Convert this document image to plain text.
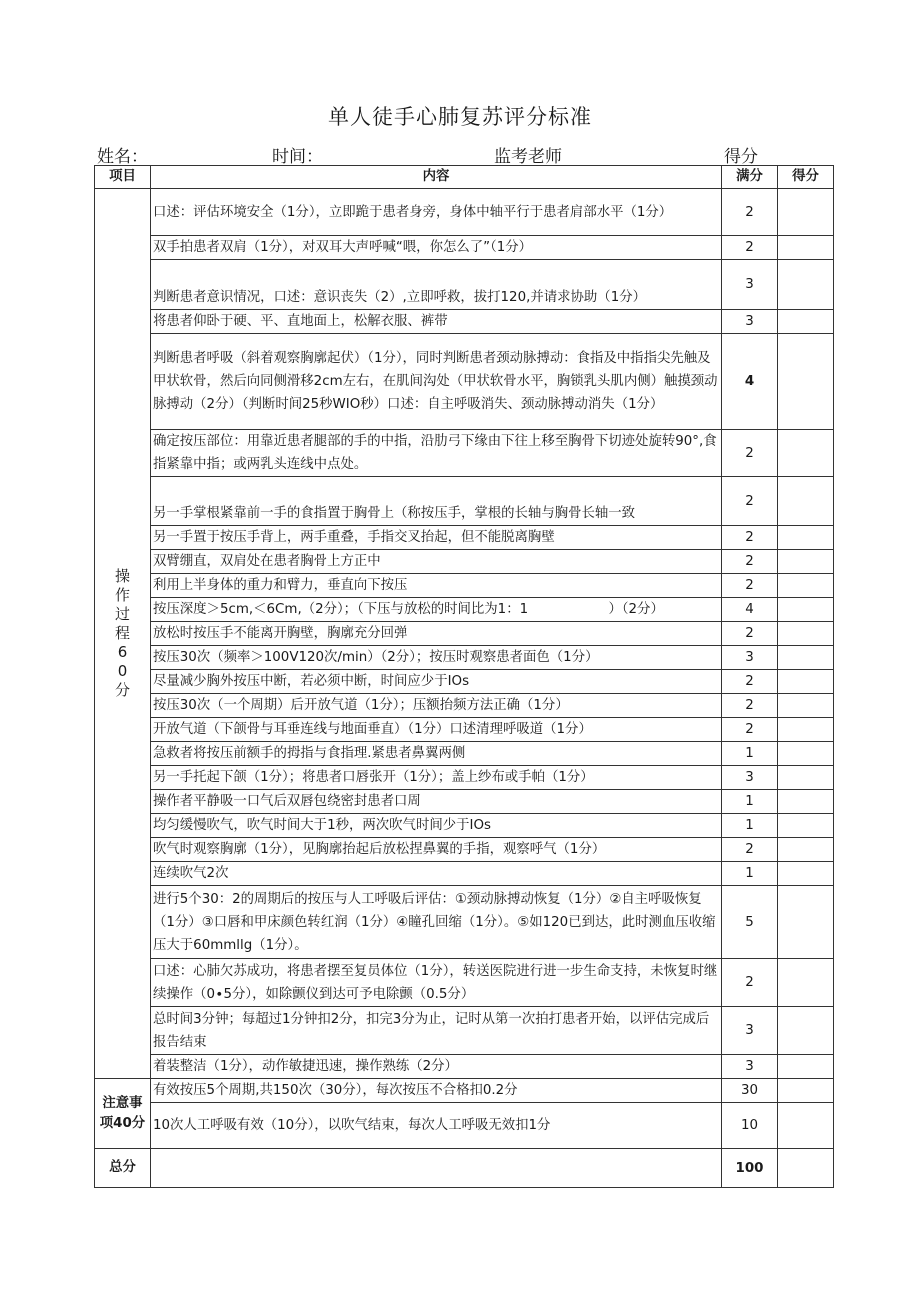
单人徒手心肺复苏评分标准
姓名：	时间：	监考老师	得分
项目	内容	满分	得分
操作过程60分	口述：评估环境安全（1分），立即跪于患者身旁，身体中轴平行于患者肩部水平（1分）	2	
	双手拍患者双肩（1分），对双耳大声呼喊“喂，你怎么了”（1分）	2	
	判断患者意识情况，口述：意识丧失（2）,立即呼救，拔打120,并请求协助（1分）	3	
	将患者仰卧于硬、平、直地面上，松解衣服、裤带	3	
	判断患者呼吸（斜着观察胸廓起伏）（1分），同时判断患者颈动脉搏动：食指及中指指尖先触及甲状软骨，然后向同侧滑移2cm左右，在肌间沟处（甲状软骨水平，胸锁乳头肌内侧）触摸颈动脉搏动（2分）（判断时间25秒WIO秒）口述：自主呼吸消失、颈动脉搏动消失（1分）	4	
	确定按压部位：用靠近患者腿部的手的中指，沿肋弓下缘由下往上移至胸骨下切迹处旋转90°,食指紧靠中指；或两乳头连线中点处。	2	
	另一手掌根紧靠前一手的食指置于胸骨上（称按压手，掌根的长轴与胸骨长轴一致	2	
	另一手置于按压手背上，两手重叠，手指交叉抬起，但不能脱离胸壁	2	
	双臂绷直，双肩处在患者胸骨上方正中	2	
	利用上半身体的重力和臂力，垂直向下按压	2	
	按压深度＞5cm,＜6Cm,（2分）；（下压与放松的时间比为1：1　　　　　　）（2分）	4	
	放松时按压手不能离开胸壁，胸廓充分回弹	2	
	按压30次（频率＞100V120次/min）（2分）；按压时观察患者面色（1分）	3	
	尽量减少胸外按压中断，若必须中断，时间应少于IOs	2	
	按压30次（一个周期）后开放气道（1分）；压额抬频方法正确（1分）	2	
	开放气道（下颌骨与耳垂连线与地面垂直）（1分）口述清理呼吸道（1分）	2	
	急救者将按压前额手的拇指与食指理.紧患者鼻翼两侧	1	
	另一手托起下颌（1分）；将患者口唇张开（1分）；盖上纱布或手帕（1分）	3	
	操作者平静吸一口气后双唇包绕密封患者口周	1	
	均匀缓慢吹气，吹气时间大于1秒，两次吹气时间少于IOs	1	
	吹气时观察胸廓（1分），见胸廓抬起后放松捏鼻翼的手指，观察呼气（1分）	2	
	连续吹气2次	1	
	进行5个30：2的周期后的按压与人工呼吸后评估：①颈动脉搏动恢复（1分）②自主呼吸恢复（1分）③口唇和甲床颜色转红润（1分）④瞳孔回缩（1分）。⑤如120已到达，此时测血压收缩压大于60mmllg（1分）。	5	
	口述：心肺欠苏成功，将患者摆至复员体位（1分），转送医院进行进一步生命支持，未恢复时继续操作（0∙5分），如除颤仪到达可予电除颤（0.5分）	2	
	总时间3分钟；每超过1分钟扣2分，扣完3分为止，记时从第一次拍打患者开始，以评估完成后报告结束	3	
	着装整洁（1分），动作敏捷迅速，操作熟练（2分）	3	
注意事项40分	有效按压5个周期,共150次（30分），每次按压不合格扣0.2分	30	
	10次人工呼吸有效（10分），以吹气结束，每次人工呼吸无效扣1分	10	
总分		100	
